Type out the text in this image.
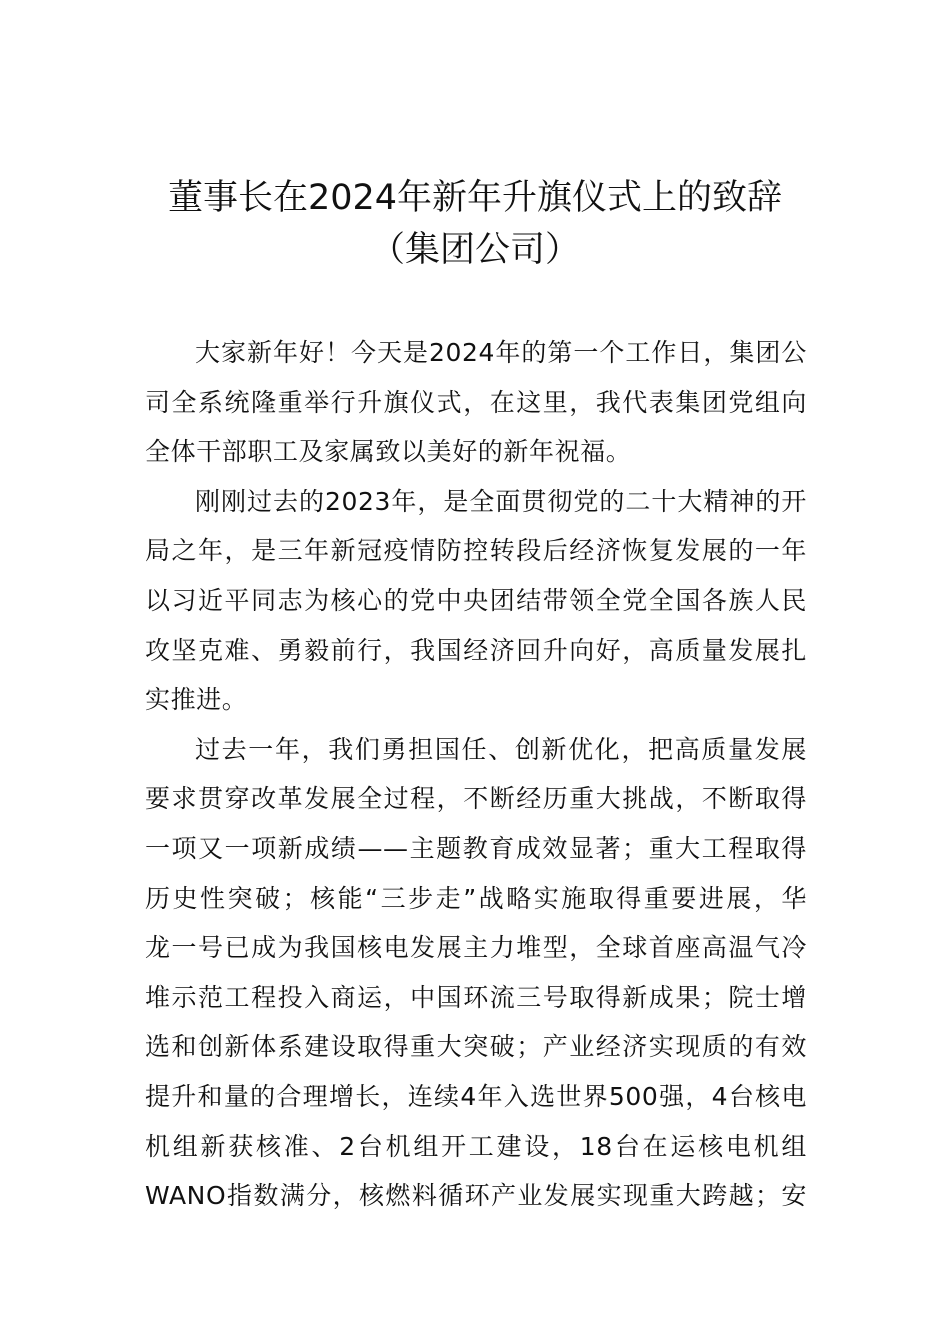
董事长在2024年新年升旗仪式上的致辞
（集团公司）
大家新年好！今天是2024年的第一个工作日，集团公
司全系统隆重举行升旗仪式，在这里，我代表集团党组向
全体干部职工及家属致以美好的新年祝福。
刚刚过去的2023年，是全面贯彻党的二十大精神的开
局之年，是三年新冠疫情防控转段后经济恢复发展的一年
以习近平同志为核心的党中央团结带领全党全国各族人民
攻坚克难、勇毅前行，我国经济回升向好，高质量发展扎
实推进。
过去一年，我们勇担国任、创新优化，把高质量发展
要求贯穿改革发展全过程，不断经历重大挑战，不断取得
一项又一项新成绩——主题教育成效显著；重大工程取得
历史性突破；核能“三步走”战略实施取得重要进展，华
龙一号已成为我国核电发展主力堆型，全球首座高温气冷
堆示范工程投入商运，中国环流三号取得新成果；院士增
选和创新体系建设取得重大突破；产业经济实现质的有效
提升和量的合理增长，连续4年入选世界500强，4台核电
机组新获核准、2台机组开工建设，18台在运核电机组
WANO指数满分，核燃料循环产业发展实现重大跨越；安
